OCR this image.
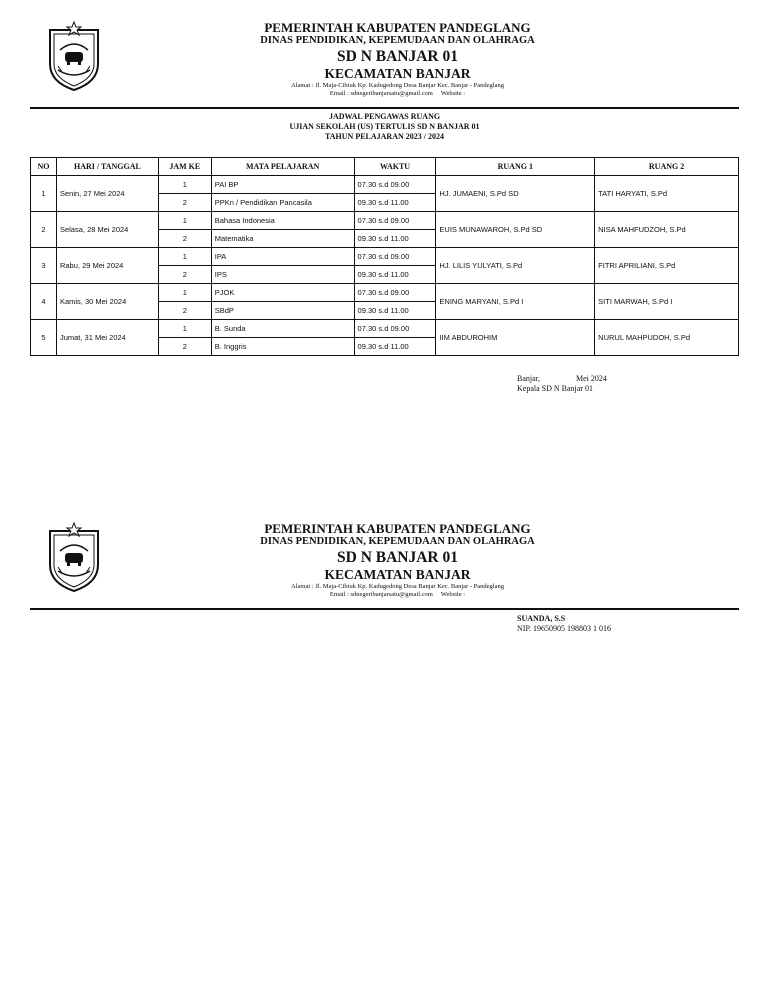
PEMERINTAH KABUPATEN PANDEGLANG
DINAS PENDIDIKAN, KEPEMUDAAN DAN OLAHRAGA
SD N BANJAR 01
KECAMATAN BANJAR
Alamat : Jl. Maja-Cibiuk Kp. Kadugedong Desa Banjar Kec. Banjar - Pandeglang
Email : sdnegeribanjarsatu@gmail.com     Website :
JADWAL PENGAWAS RUANG
UJIAN SEKOLAH (US) TERTULIS SD N BANJAR 01
TAHUN PELAJARAN 2023 / 2024
NO	HARI / TANGGAL	JAM KE	MATA PELAJARAN	WAKTU	RUANG 1	RUANG 2
1	Senin, 27 Mei 2024	1	PAI BP	07.30 s.d 09.00	HJ. JUMAENI, S.Pd SD	TATI HARYATI, S.Pd
		2	PPKn / Pendidikan Pancasila	09.30 s.d 11.00		
2	Selasa, 28 Mei 2024	1	Bahasa Indonesia	07.30 s.d 09.00	EUIS MUNAWAROH, S.Pd SD	NISA MAHFUDZOH, S.Pd
		2	Matematika	09.30 s.d 11.00		
3	Rabu, 29 Mei 2024	1	IPA	07.30 s.d 09.00	HJ. LILIS YULYATI, S.Pd	FITRI APRILIANI, S.Pd
		2	IPS	09.30 s.d 11.00		
4	Kamis, 30 Mei 2024	1	PJOK	07.30 s.d 09.00	ENING MARYANI, S.Pd I	SITI MARWAH, S.Pd I
		2	SBdP	09.30 s.d 11.00		
5	Jumat, 31 Mei 2024	1	B. Sunda	07.30 s.d 09.00	IIM ABDUROHIM	NURUL MAHPUDOH, S.Pd
		2	B. Inggris	09.30 s.d 11.00		
Banjar,                  Mei 2024
Kepala SD N Banjar 01
PEMERINTAH KABUPATEN PANDEGLANG
DINAS PENDIDIKAN, KEPEMUDAAN DAN OLAHRAGA
SD N BANJAR 01
KECAMATAN BANJAR
Alamat : Jl. Maja-Cibiuk Kp. Kadugedong Desa Banjar Kec. Banjar - Pandeglang
Email : sdnegeribanjarsatu@gmail.com     Website :
SUANDA, S.S
NIP. 19650905 198803 1 016
